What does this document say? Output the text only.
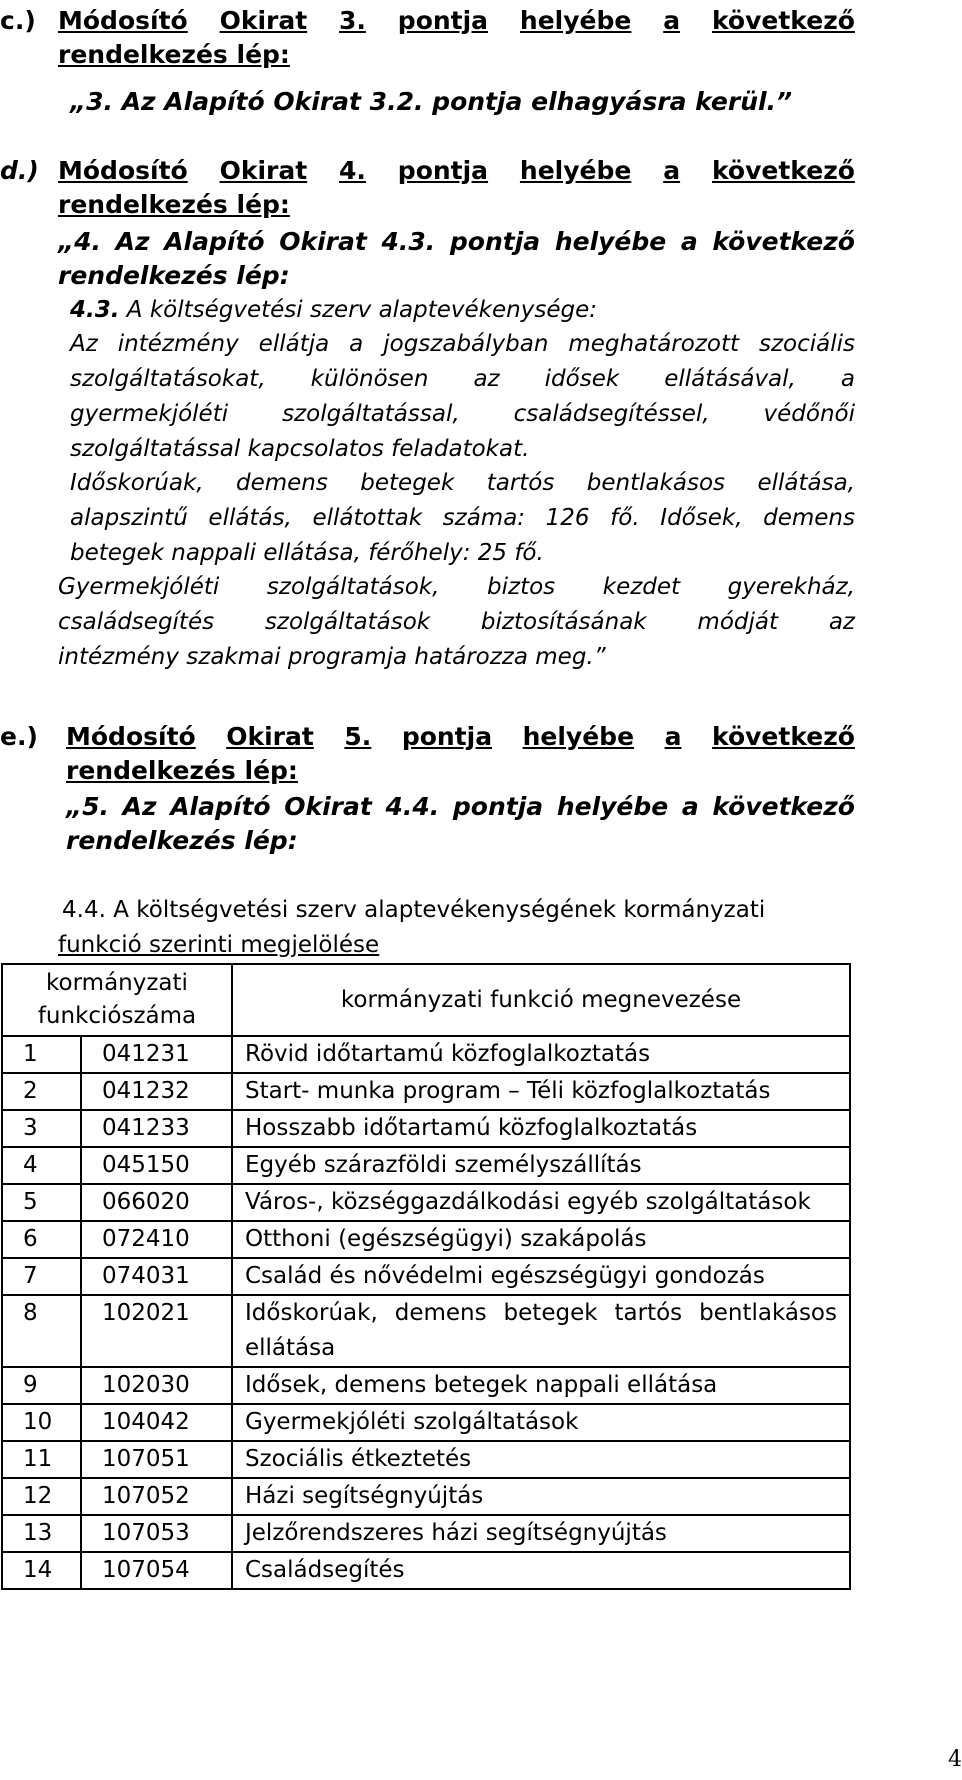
c.) Módosító Okirat 3. pontja helyébe a következő
rendelkezés lép:
„3. Az Alapító Okirat 3.2. pontja elhagyásra kerül.”
d.) Módosító Okirat 4. pontja helyébe a következő
rendelkezés lép:
„4. Az Alapító Okirat 4.3. pontja helyébe a következő
rendelkezés lép:
4.3. A költségvetési szerv alaptevékenysége:
Az intézmény ellátja a jogszabályban meghatározott szociális
szolgáltatásokat, különösen az idősek ellátásával, a
gyermekjóléti szolgáltatással, családsegítéssel, védőnői
szolgáltatással kapcsolatos feladatokat.
Időskorúak, demens betegek tartós bentlakásos ellátása,
alapszintű ellátás, ellátottak száma: 126 fő. Idősek, demens
betegek nappali ellátása, férőhely: 25 fő.
Gyermekjóléti szolgáltatások, biztos kezdet gyerekház,
családsegítés szolgáltatások biztosításának módját az
intézmény szakmai programja határozza meg.”
e.) Módosító Okirat 5. pontja helyébe a következő
rendelkezés lép:
„5. Az Alapító Okirat 4.4. pontja helyébe a következő
rendelkezés lép:
4.4. A költségvetési szerv alaptevékenységének kormányzati
funkció szerinti megjelölése
kormányzati
funkciószáma		kormányzati funkció megnevezése
1	041231	Rövid időtartamú közfoglalkoztatás
2	041232	Start- munka program – Téli közfoglalkoztatás
3	041233	Hosszabb időtartamú közfoglalkoztatás
4	045150	Egyéb szárazföldi személyszállítás
5	066020	Város-, községgazdálkodási egyéb szolgáltatások
6	072410	Otthoni (egészségügyi) szakápolás
7	074031	Család és nővédelmi egészségügyi gondozás
8	102021	Időskorúak, demens betegek tartós bentlakásos ellátása
9	102030	Idősek, demens betegek nappali ellátása
10	104042	Gyermekjóléti szolgáltatások
11	107051	Szociális étkeztetés
12	107052	Házi segítségnyújtás
13	107053	Jelzőrendszeres házi segítségnyújtás
14	107054	Családsegítés
4
